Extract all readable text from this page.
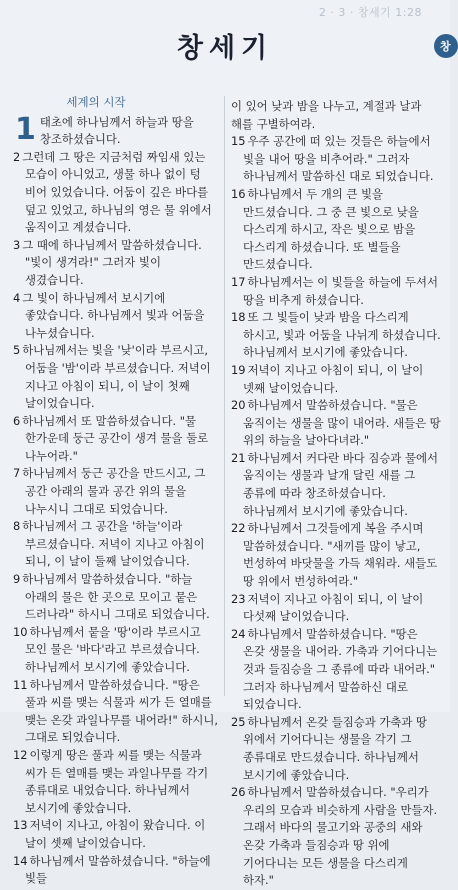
2 · 3 · 창세기 1:28
창세기	창
세계의 시작
1 태초에 하나님께서 하늘과 땅을 창조하셨습니다.
2 그런데 그 땅은 지금처럼 짜임새 있는 모습이 아니었고, 생물 하나 없이 텅 비어 있었습니다. 어둠이 깊은 바다를 덮고 있었고, 하나님의 영은 물 위에서 움직이고 계셨습니다.
3 그 때에 하나님께서 말씀하셨습니다. "빛이 생겨라!" 그러자 빛이 생겼습니다.
4 그 빛이 하나님께서 보시기에 좋았습니다. 하나님께서 빛과 어둠을 나누셨습니다.
5 하나님께서는 빛을 '낮'이라 부르시고, 어둠을 '밤'이라 부르셨습니다. 저녁이 지나고 아침이 되니, 이 날이 첫째 날이었습니다.
6 하나님께서 또 말씀하셨습니다. "물 한가운데 둥근 공간이 생겨 물을 둘로 나누어라."
7 하나님께서 둥근 공간을 만드시고, 그 공간 아래의 물과 공간 위의 물을 나누시니 그대로 되었습니다.
8 하나님께서 그 공간을 '하늘'이라 부르셨습니다. 저녁이 지나고 아침이 되니, 이 날이 둘째 날이었습니다.
9 하나님께서 말씀하셨습니다. "하늘 아래의 물은 한 곳으로 모이고 뭍은 드러나라" 하시니 그대로 되었습니다.
10 하나님께서 뭍을 '땅'이라 부르시고 모인 물은 '바다'라고 부르셨습니다. 하나님께서 보시기에 좋았습니다.
11 하나님께서 말씀하셨습니다. "땅은 풀과 씨를 맺는 식물과 씨가 든 열매를 맺는 온갖 과일나무를 내어라!" 하시니, 그대로 되었습니다.
12 이렇게 땅은 풀과 씨를 맺는 식물과 씨가 든 열매를 맺는 과일나무를 각기 종류대로 내었습니다. 하나님께서 보시기에 좋았습니다.
13 저녁이 지나고, 아침이 왔습니다. 이 날이 셋째 날이었습니다.
14 하나님께서 말씀하셨습니다. "하늘에 빛들
이 있어 낮과 밤을 나누고, 계절과 날과 해를 구별하여라.
15 우주 공간에 떠 있는 것들은 하늘에서 빛을 내어 땅을 비추어라." 그러자 하나님께서 말씀하신 대로 되었습니다.
16 하나님께서 두 개의 큰 빛을 만드셨습니다. 그 중 큰 빛으로 낮을 다스리게 하시고, 작은 빛으로 밤을 다스리게 하셨습니다. 또 별들을 만드셨습니다.
17 하나님께서는 이 빛들을 하늘에 두셔서 땅을 비추게 하셨습니다.
18 또 그 빛들이 낮과 밤을 다스리게 하시고, 빛과 어둠을 나뉘게 하셨습니다. 하나님께서 보시기에 좋았습니다.
19 저녁이 지나고 아침이 되니, 이 날이 넷째 날이었습니다.
20 하나님께서 말씀하셨습니다. "물은 움직이는 생물을 많이 내어라. 새들은 땅 위의 하늘을 날아다녀라."
21 하나님께서 커다란 바다 짐승과 물에서 움직이는 생물과 날개 달린 새를 그 종류에 따라 창조하셨습니다. 하나님께서 보시기에 좋았습니다.
22 하나님께서 그것들에게 복을 주시며 말씀하셨습니다. "새끼를 많이 낳고, 번성하여 바닷물을 가득 채워라. 새들도 땅 위에서 번성하여라."
23 저녁이 지나고 아침이 되니, 이 날이 다섯째 날이었습니다.
24 하나님께서 말씀하셨습니다. "땅은 온갖 생물을 내어라. 가축과 기어다니는 것과 들짐승을 그 종류에 따라 내어라." 그러자 하나님께서 말씀하신 대로 되었습니다.
25 하나님께서 온갖 들짐승과 가축과 땅 위에서 기어다니는 생물을 각기 그 종류대로 만드셨습니다. 하나님께서 보시기에 좋았습니다.
26 하나님께서 말씀하셨습니다. "우리가 우리의 모습과 비슷하게 사람을 만들자. 그래서 바다의 물고기와 공중의 새와 온갖 가축과 들짐승과 땅 위에 기어다니는 모든 생물을 다스리게 하자."
